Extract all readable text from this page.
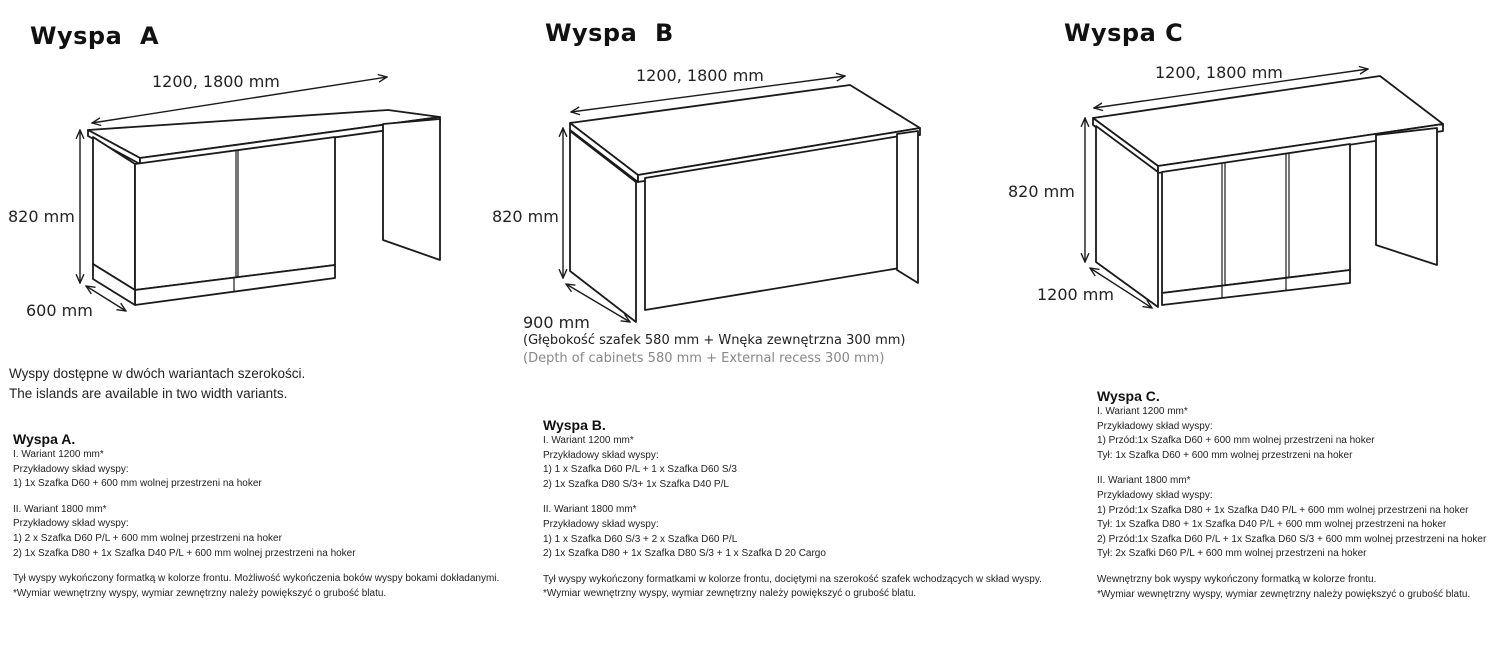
Wyspa  A	Wyspa  B	Wyspa C
1200, 1800 mm
820 mm
600 mm
1200, 1800 mm
820 mm
900 mm
(Głębokość szafek 580 mm + Wnęka zewnętrzna 300 mm)
(Depth of cabinets 580 mm + External recess 300 mm)
1200, 1800 mm
820 mm
1200 mm
Wyspy dostępne w dwóch wariantach szerokości.
The islands are available in two width variants.
Wyspa A.
I. Wariant 1200 mm*
Przykładowy skład wyspy:
1) 1x Szafka D60 + 600 mm wolnej przestrzeni na hoker
II. Wariant 1800 mm*
Przykładowy skład wyspy:
1) 2 x Szafka D60 P/L + 600 mm wolnej przestrzeni na hoker
2) 1x Szafka D80 + 1x Szafka D40 P/L + 600 mm wolnej przestrzeni na hoker
Tył wyspy wykończony formatką w kolorze frontu. Możliwość wykończenia boków wyspy bokami dokładanymi.
*Wymiar wewnętrzny wyspy, wymiar zewnętrzny należy powiększyć o grubość blatu.
Wyspa B.
I. Wariant 1200 mm*
Przykładowy skład wyspy:
1) 1 x Szafka D60 P/L + 1 x Szafka D60 S/3
2) 1x Szafka D80 S/3+ 1x Szafka D40 P/L
II. Wariant 1800 mm*
Przykładowy skład wyspy:
1) 1 x Szafka D60 S/3 + 2 x Szafka D60 P/L
2) 1x Szafka D80 + 1x Szafka D80 S/3 + 1 x Szafka D 20 Cargo
Tył wyspy wykończony formatkami w kolorze frontu, dociętymi na szerokość szafek wchodzących w skład wyspy.
*Wymiar wewnętrzny wyspy, wymiar zewnętrzny należy powiększyć o grubość blatu.
Wyspa C.
I. Wariant 1200 mm*
Przykładowy skład wyspy:
1) Przód:1x Szafka D60 + 600 mm wolnej przestrzeni na hoker
Tył: 1x Szafka D60 + 600 mm wolnej przestrzeni na hoker
II. Wariant 1800 mm*
Przykładowy skład wyspy:
1) Przód:1x Szafka D80 + 1x Szafka D40 P/L + 600 mm wolnej przestrzeni na hoker
Tył: 1x Szafka D80 + 1x Szafka D40 P/L + 600 mm wolnej przestrzeni na hoker
2) Przód:1x Szafka D60 P/L + 1x Szafka D60 S/3 + 600 mm wolnej przestrzeni na hoker
Tył: 2x Szafki D60 P/L + 600 mm wolnej przestrzeni na hoker
Wewnętrzny bok wyspy wykończony formatką w kolorze frontu.
*Wymiar wewnętrzny wyspy, wymiar zewnętrzny należy powiększyć o grubość blatu.
